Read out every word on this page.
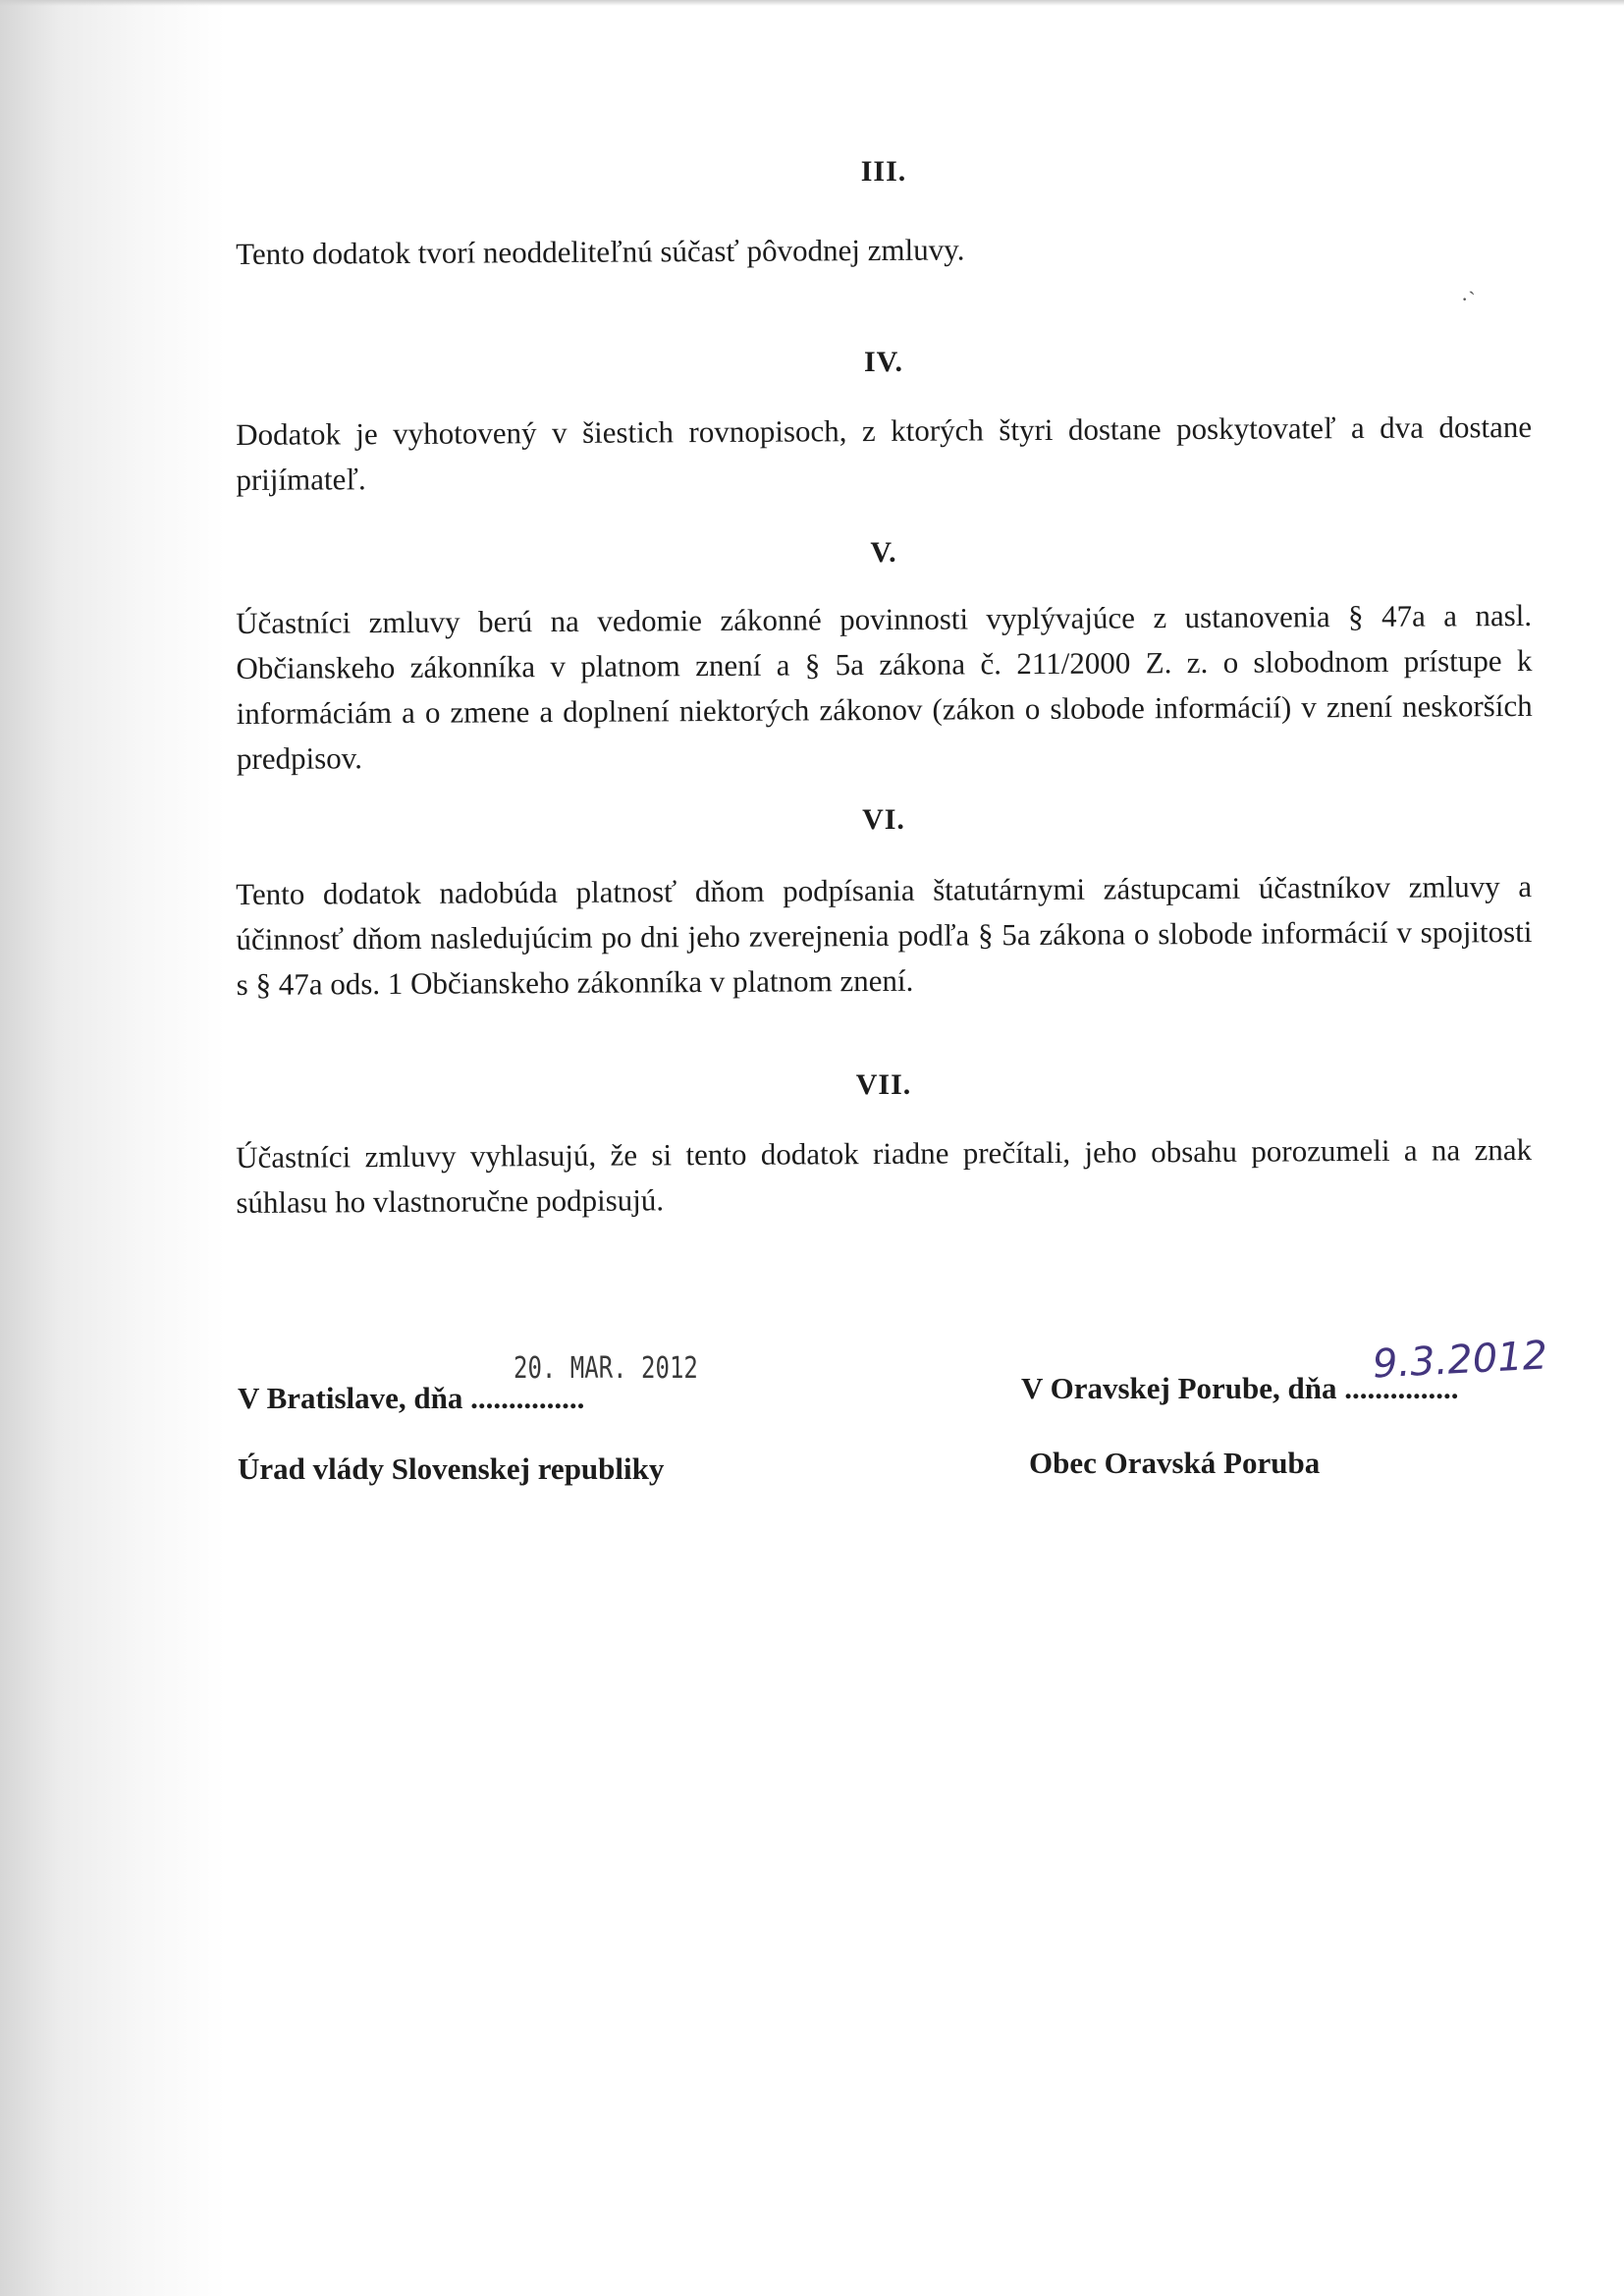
III.
Tento dodatok tvorí neoddeliteľnú súčasť pôvodnej zmluvy.
IV.
Dodatok je vyhotovený v šiestich rovnopisoch, z ktorých štyri dostane poskytovateľ a dva dostane prijímateľ.
V.
Účastníci zmluvy berú na vedomie zákonné povinnosti vyplývajúce z ustanovenia § 47a a nasl. Občianskeho zákonníka v platnom znení a § 5a zákona č. 211/2000 Z. z. o slobodnom prístupe k informáciám a o zmene a doplnení niektorých zákonov (zákon o slobode informácií) v znení neskorších predpisov.
VI.
Tento dodatok nadobúda platnosť dňom podpísania štatutárnymi zástupcami účastníkov zmluvy a účinnosť dňom nasledujúcim po dni jeho zverejnenia podľa § 5a zákona o slobode informácií v spojitosti s § 47a ods. 1 Občianskeho zákonníka v platnom znení.
VII.
Účastníci zmluvy vyhlasujú, že si tento dodatok riadne prečítali, jeho obsahu porozumeli a na znak súhlasu ho vlastnoručne podpisujú.
20. MAR. 2012
V Bratislave, dňa ...............
Úrad vlády Slovenskej republiky
9.3.2012
V Oravskej Porube, dňa ...............
Obec Oravská Poruba
·`
